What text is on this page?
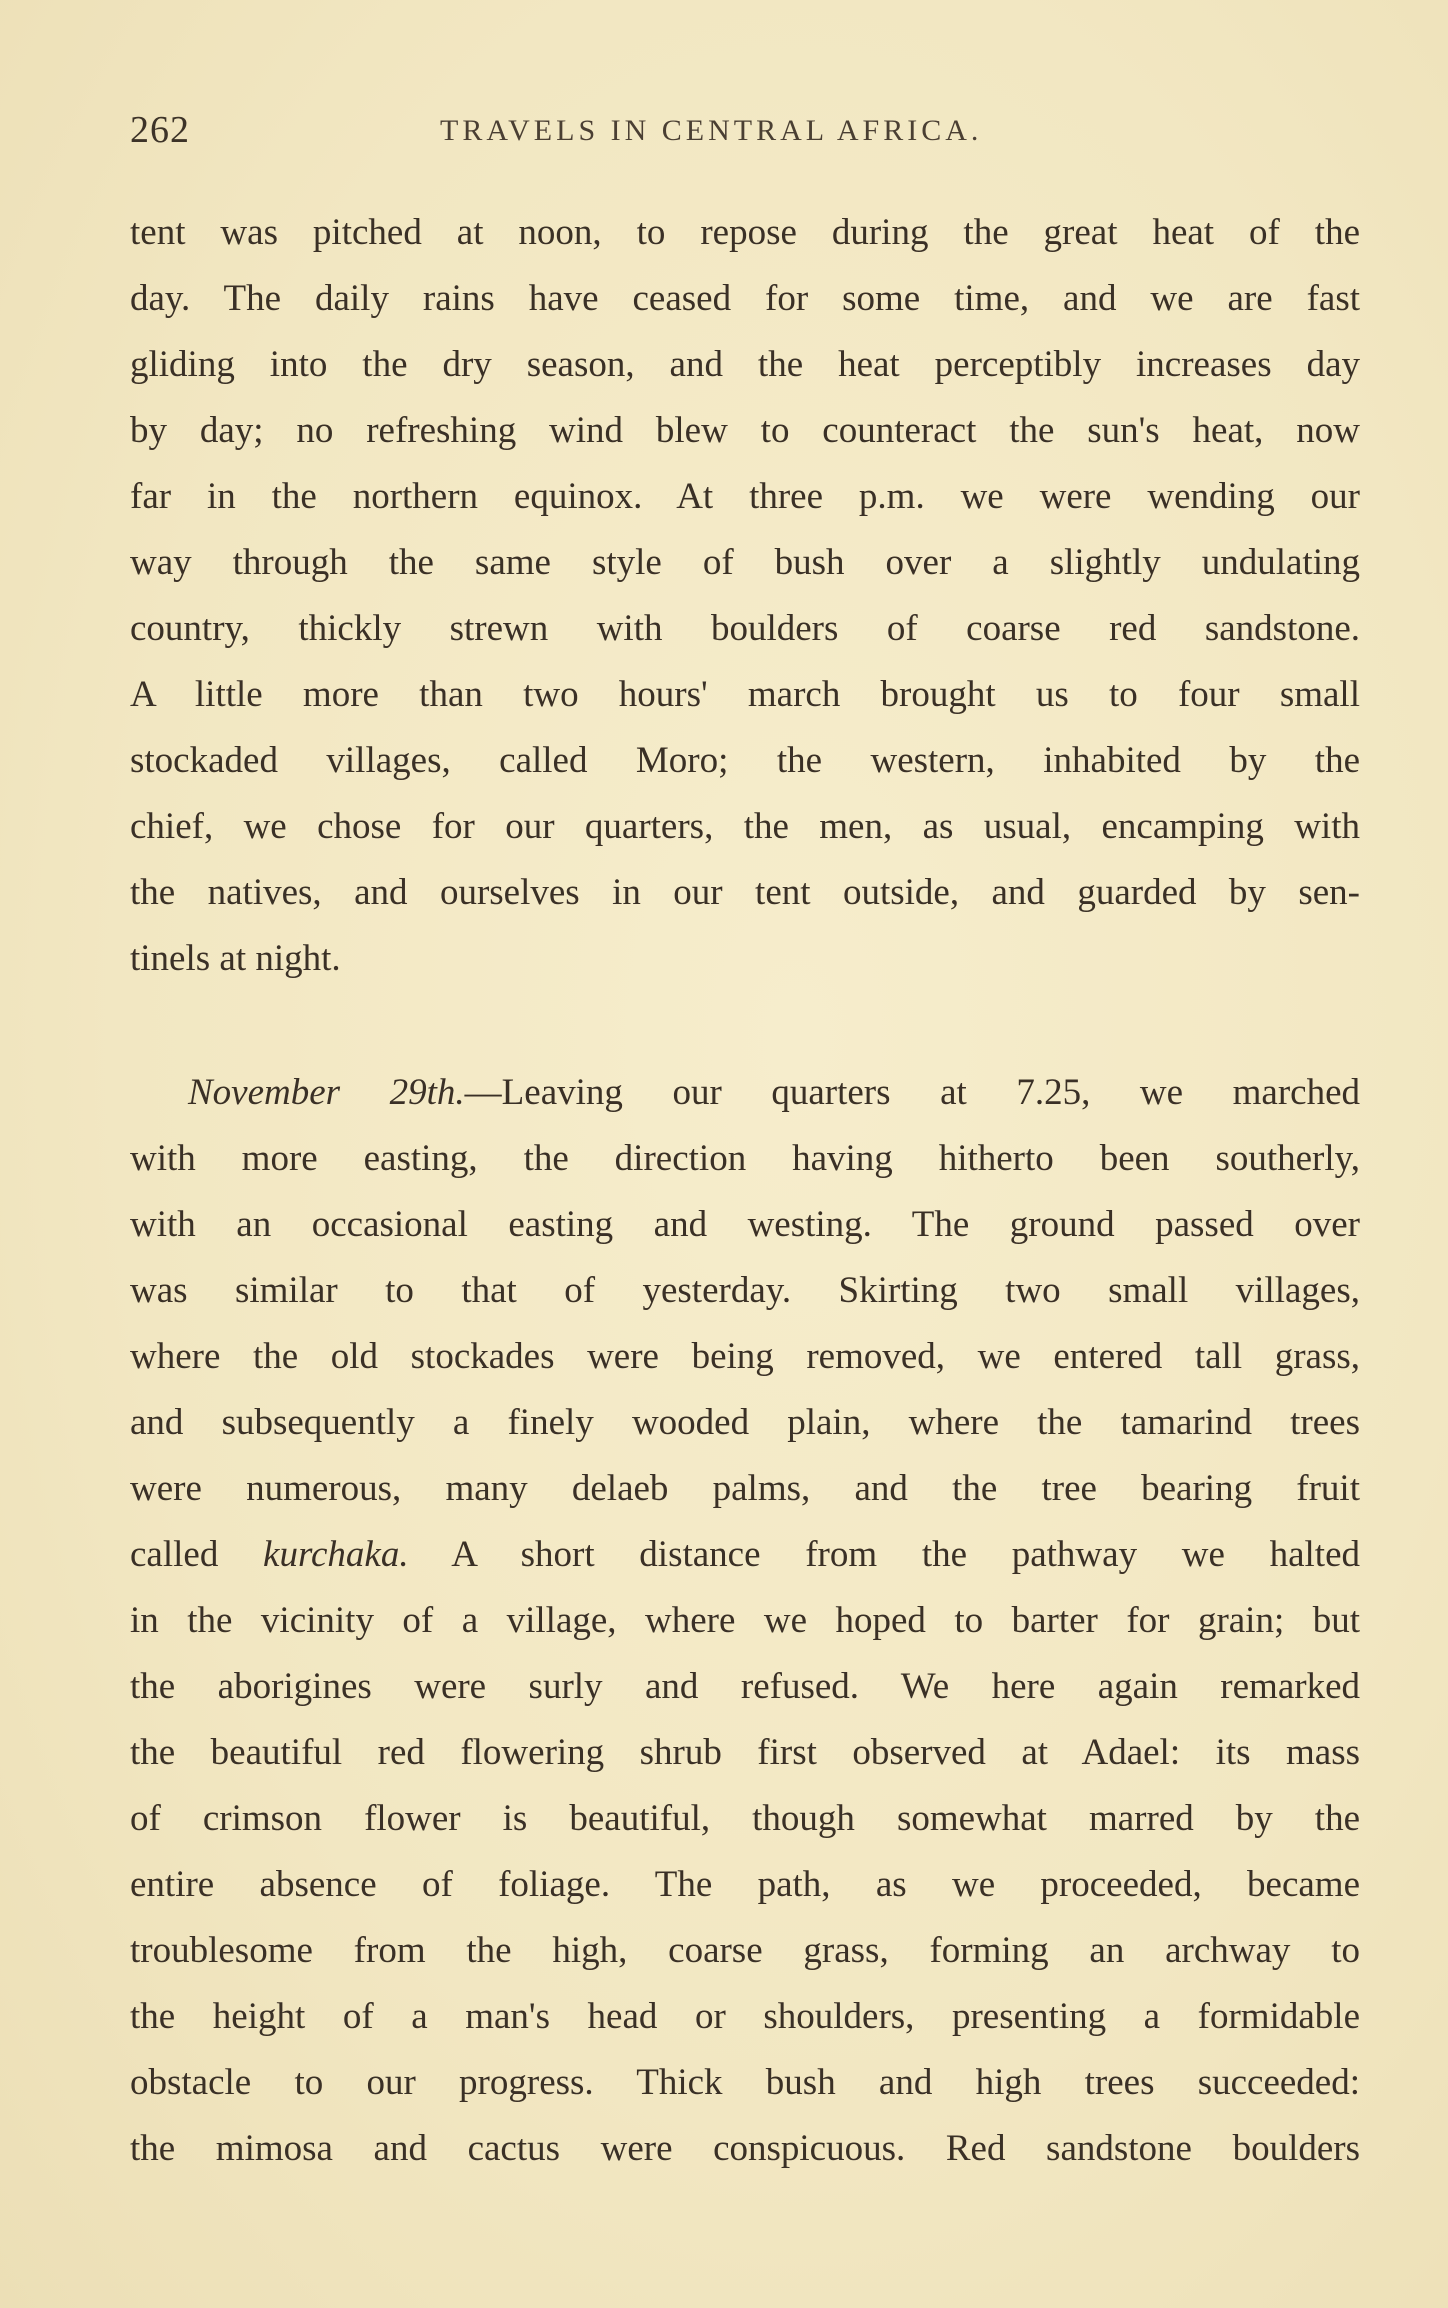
262	TRAVELS IN CENTRAL AFRICA.
tent was pitched at noon, to repose during the great heat of the
day. The daily rains have ceased for some time, and we are fast
gliding into the dry season, and the heat perceptibly increases day
by day; no refreshing wind blew to counteract the sun's heat, now
far in the northern equinox. At three p.m. we were wending our
way through the same style of bush over a slightly undulating
country, thickly strewn with boulders of coarse red sandstone.
A little more than two hours' march brought us to four small
stockaded villages, called Moro; the western, inhabited by the
chief, we chose for our quarters, the men, as usual, encamping with
the natives, and ourselves in our tent outside, and guarded by sen-
tinels at night.
November 29th.—Leaving our quarters at 7.25, we marched
with more easting, the direction having hitherto been southerly,
with an occasional easting and westing. The ground passed over
was similar to that of yesterday. Skirting two small villages,
where the old stockades were being removed, we entered tall grass,
and subsequently a finely wooded plain, where the tamarind trees
were numerous, many delaeb palms, and the tree bearing fruit
called kurchaka. A short distance from the pathway we halted
in the vicinity of a village, where we hoped to barter for grain; but
the aborigines were surly and refused. We here again remarked
the beautiful red flowering shrub first observed at Adael: its mass
of crimson flower is beautiful, though somewhat marred by the
entire absence of foliage. The path, as we proceeded, became
troublesome from the high, coarse grass, forming an archway to
the height of a man's head or shoulders, presenting a formidable
obstacle to our progress. Thick bush and high trees succeeded:
the mimosa and cactus were conspicuous. Red sandstone boulders
